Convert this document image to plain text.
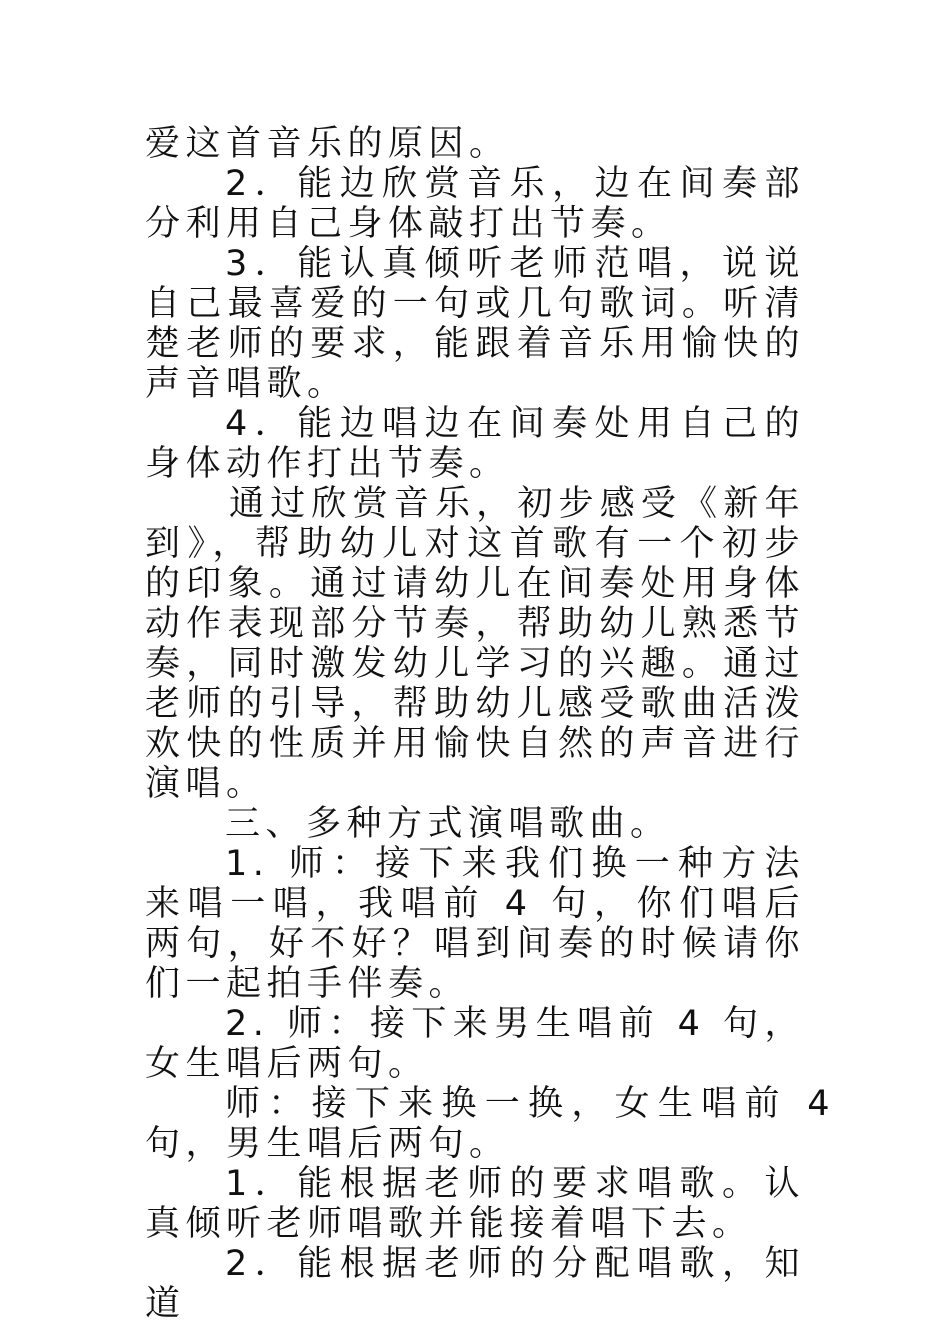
爱这首音乐的原因。

2．能边欣赏音乐，边在间奏部分利用自己身体敲打出节奏。

3．能认真倾听老师范唱，说说自己最喜爱的一句或几句歌词。听清楚老师的要求，能跟着音乐用愉快的声音唱歌。

4．能边唱边在间奏处用自己的身体动作打出节奏。

通过欣赏音乐，初步感受《新年到》，帮助幼儿对这首歌有一个初步的印象。通过请幼儿在间奏处用身体动作表现部分节奏，帮助幼儿熟悉节奏，同时激发幼儿学习的兴趣。通过老师的引导，帮助幼儿感受歌曲活泼欢快的性质并用愉快自然的声音进行演唱。

三、多种方式演唱歌曲。

1. 师：接下来我们换一种方法来唱一唱，我唱前 4 句，你们唱后两句，好不好？唱到间奏的时候请你们一起拍手伴奏。

2. 师：接下来男生唱前 4 句，女生唱后两句。

师：接下来换一换，女生唱前 4 句，男生唱后两句。

1．能根据老师的要求唱歌。认真倾听老师唱歌并能接着唱下去。

2．能根据老师的分配唱歌，知道
